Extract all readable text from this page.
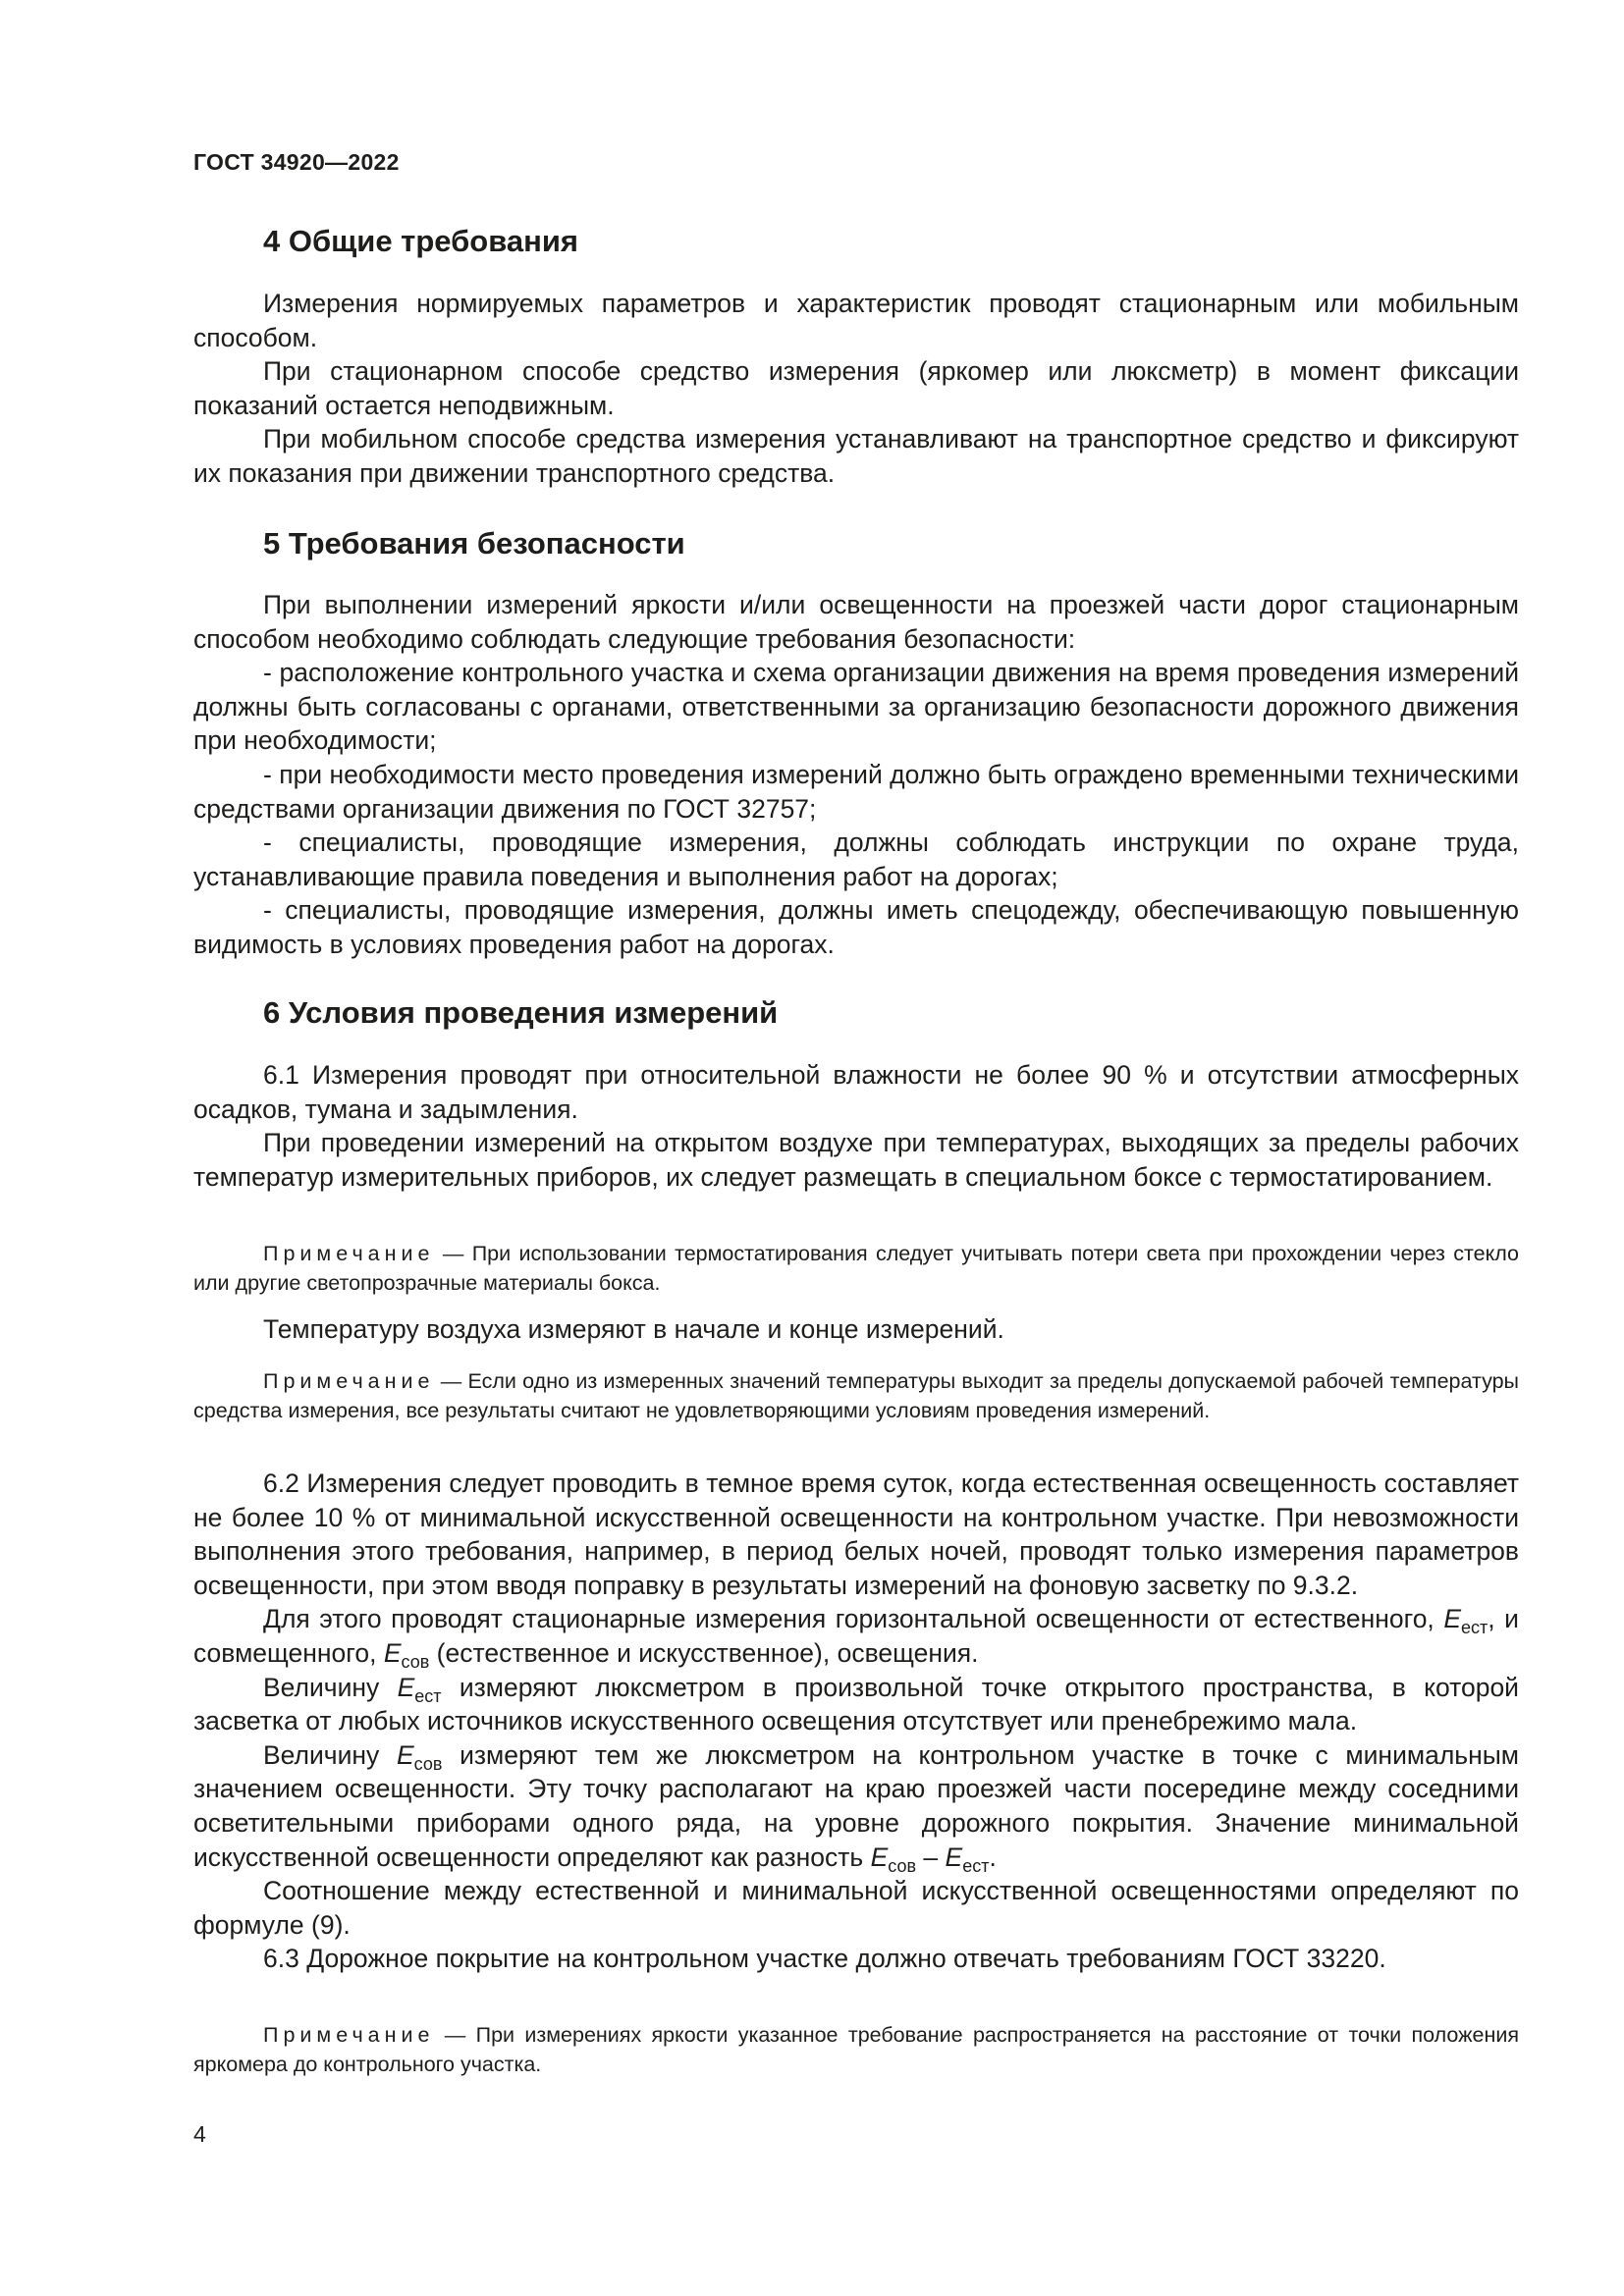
ГОСТ 34920—2022
4 Общие требования

Измерения нормируемых параметров и характеристик проводят стационарным или мобильным способом.

При стационарном способе средство измерения (яркомер или люксметр) в момент фиксации показаний остается неподвижным.

При мобильном способе средства измерения устанавливают на транспортное средство и фиксируют их показания при движении транспортного средства.

5 Требования безопасности

При выполнении измерений яркости и/или освещенности на проезжей части дорог стационарным способом необходимо соблюдать следующие требования безопасности:

- расположение контрольного участка и схема организации движения на время проведения измерений должны быть согласованы с органами, ответственными за организацию безопасности дорожного движения при необходимости;

- при необходимости место проведения измерений должно быть ограждено временными техническими средствами организации движения по ГОСТ 32757;

- специалисты, проводящие измерения, должны соблюдать инструкции по охране труда, устанавливающие правила поведения и выполнения работ на дорогах;

- специалисты, проводящие измерения, должны иметь спецодежду, обеспечивающую повышенную видимость в условиях проведения работ на дорогах.

6 Условия проведения измерений

6.1 Измерения проводят при относительной влажности не более 90 % и отсутствии атмосферных осадков, тумана и задымления.

При проведении измерений на открытом воздухе при температурах, выходящих за пределы рабочих температур измерительных приборов, их следует размещать в специальном боксе с термостатированием.

Примечание — При использовании термостатирования следует учитывать потери света при прохождении через стекло или другие светопрозрачные материалы бокса.

Температуру воздуха измеряют в начале и конце измерений.

Примечание — Если одно из измеренных значений температуры выходит за пределы допускаемой рабочей температуры средства измерения, все результаты считают не удовлетворяющими условиям проведения измерений.

6.2 Измерения следует проводить в темное время суток, когда естественная освещенность составляет не более 10 % от минимальной искусственной освещенности на контрольном участке. При невозможности выполнения этого требования, например, в период белых ночей, проводят только измерения параметров освещенности, при этом вводя поправку в результаты измерений на фоновую засветку по 9.3.2.

Для этого проводят стационарные измерения горизонтальной освещенности от естественного, $E_{ест}$, и совмещенного, $E_{сов}$ (естественное и искусственное), освещения.

Величину $E_{ест}$ измеряют люксметром в произвольной точке открытого пространства, в которой засветка от любых источников искусственного освещения отсутствует или пренебрежимо мала.

Величину $E_{сов}$ измеряют тем же люксметром на контрольном участке в точке с минимальным значением освещенности. Эту точку располагают на краю проезжей части посередине между соседними осветительными приборами одного ряда, на уровне дорожного покрытия. Значение минимальной искусственной освещенности определяют как разность $E_{сов} - E_{ест}$.

Соотношение между естественной и минимальной искусственной освещенностями определяют по формуле (9).

6.3 Дорожное покрытие на контрольном участке должно отвечать требованиям ГОСТ 33220.

Примечание — При измерениях яркости указанное требование распространяется на расстояние от точки положения яркомера до контрольного участка.

4
